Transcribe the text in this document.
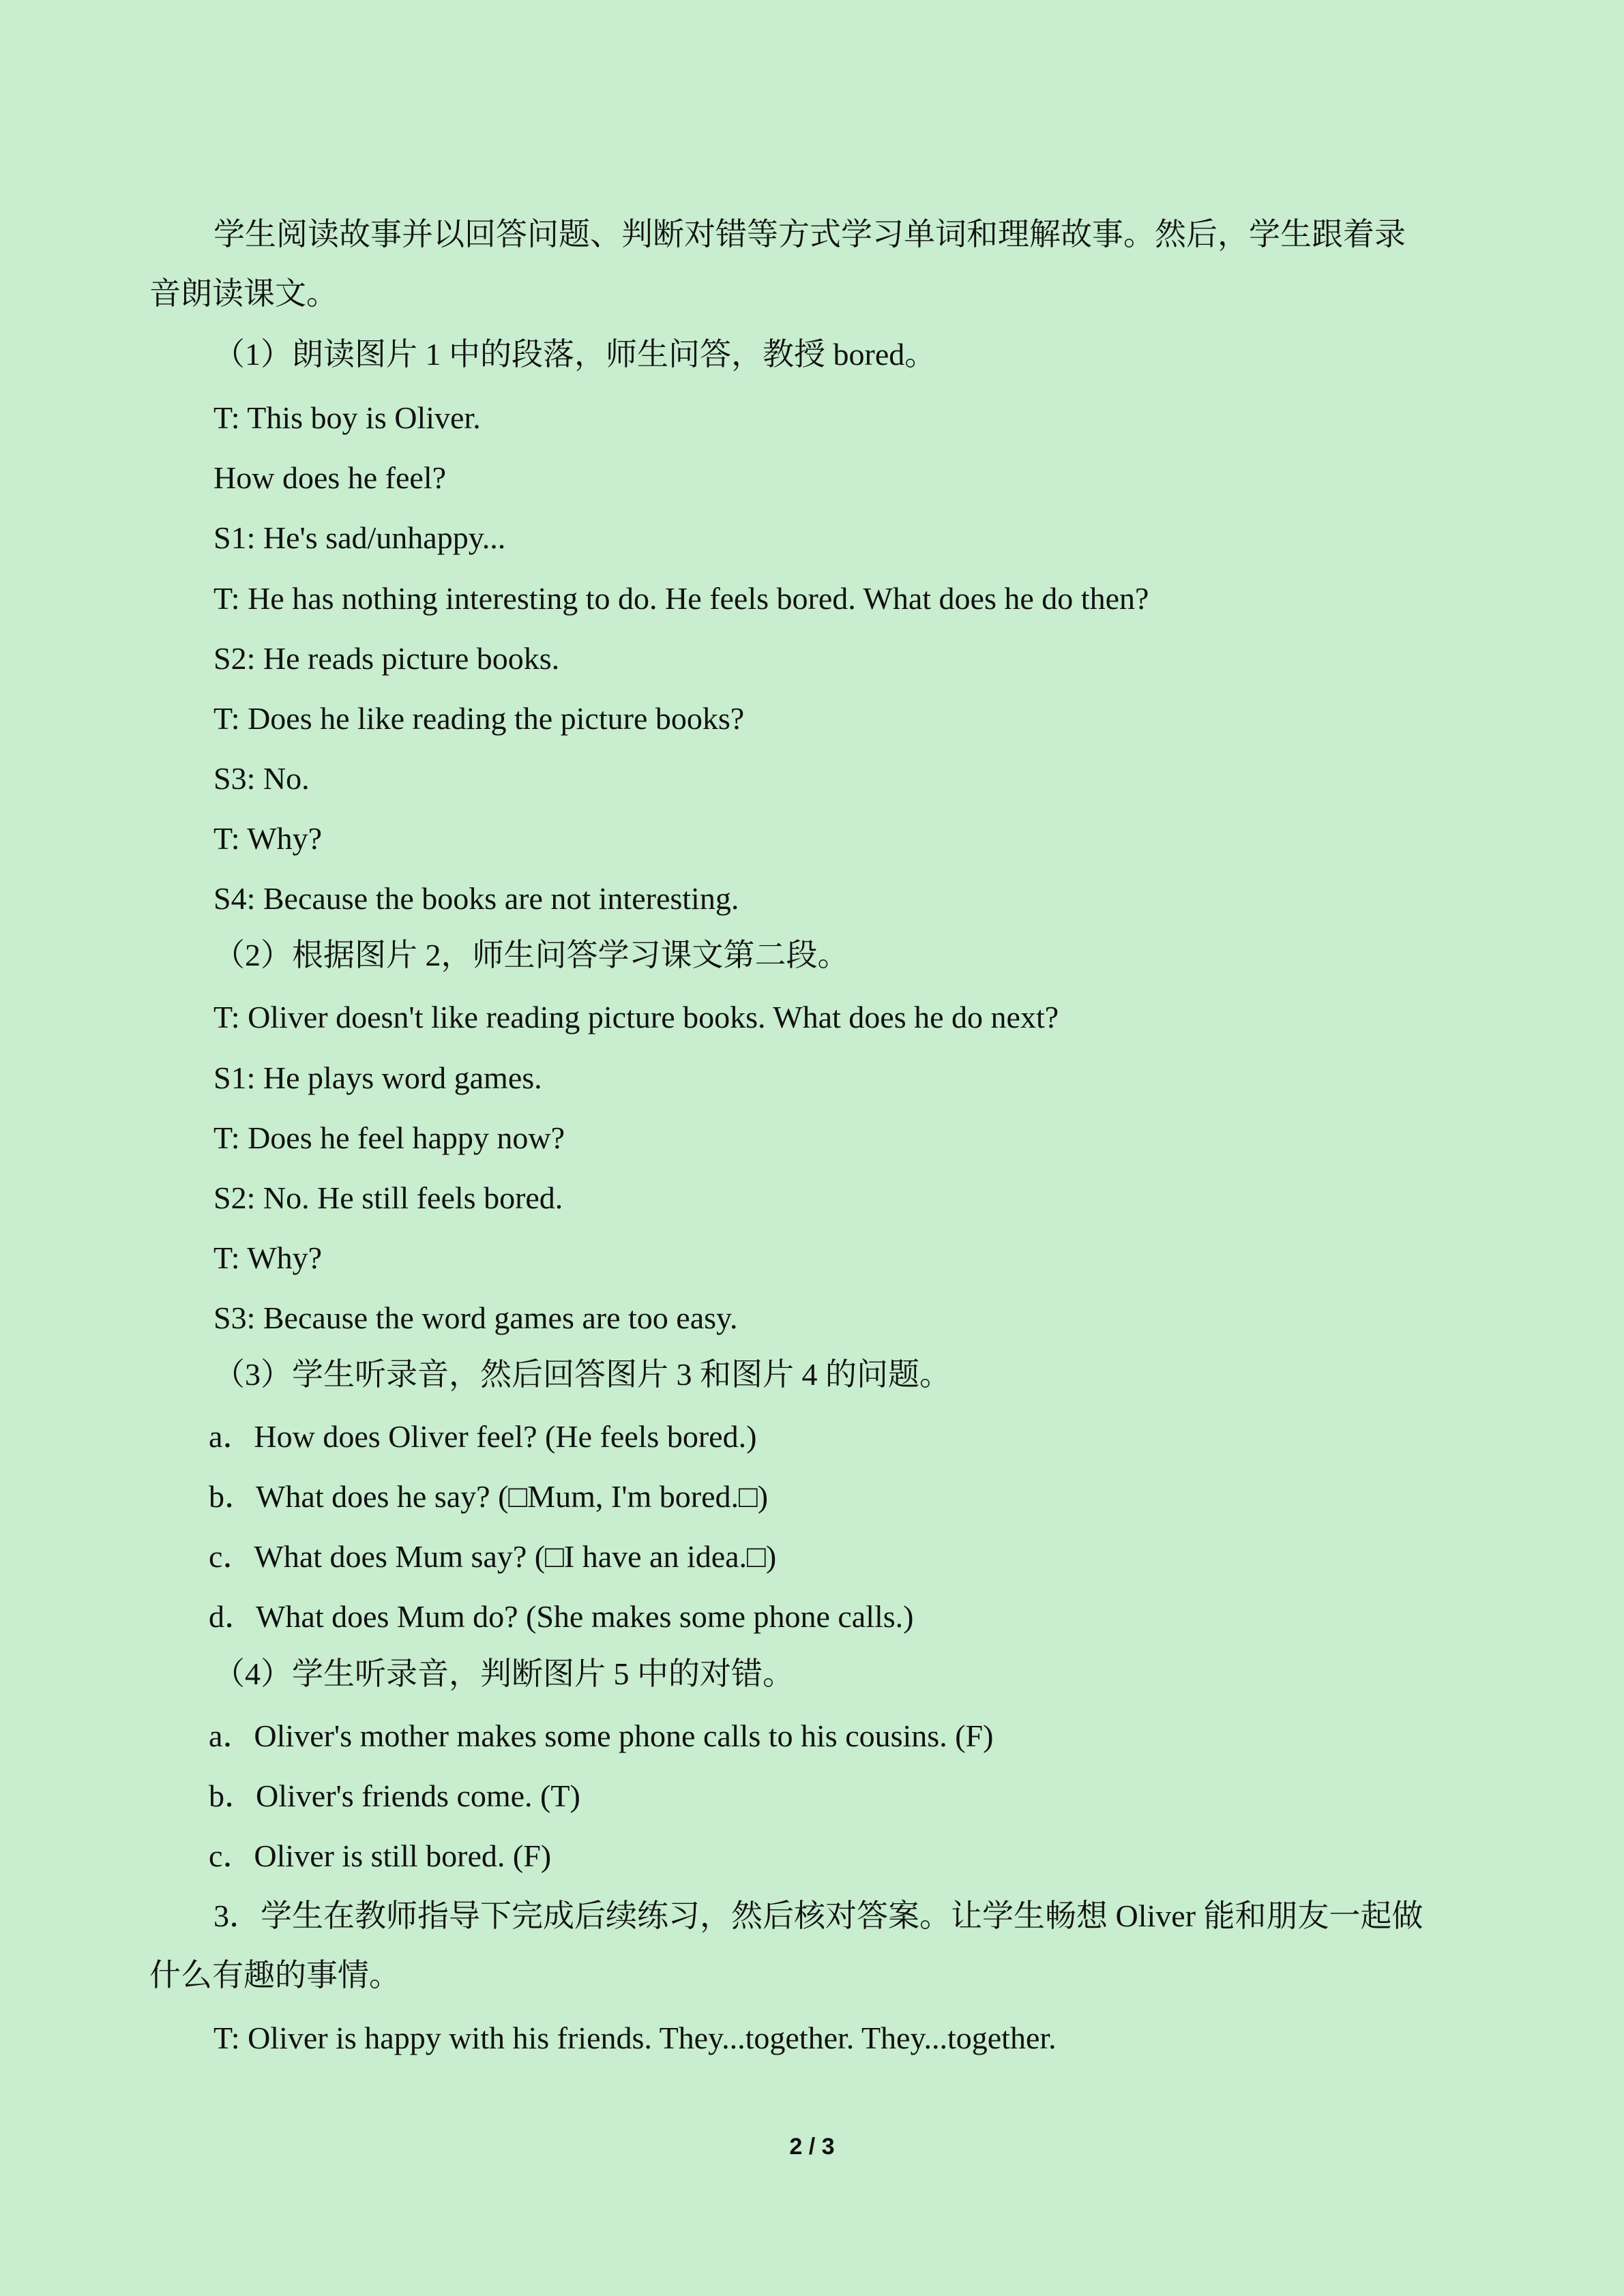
学生阅读故事并以回答问题、判断对错等方式学习单词和理解故事。然后，学生跟着录
音朗读课文。
（1）朗读图片 1 中的段落，师生问答，教授 bored。
T: This boy is Oliver.
How does he feel?
S1: He's sad/unhappy...
T: He has nothing interesting to do. He feels bored. What does he do then?
S2: He reads picture books.
T: Does he like reading the picture books?
S3: No.
T: Why?
S4: Because the books are not interesting.
（2）根据图片 2，师生问答学习课文第二段。
T: Oliver doesn't like reading picture books. What does he do next?
S1: He plays word games.
T: Does he feel happy now?
S2: No. He still feels bored.
T: Why?
S3: Because the word games are too easy.
（3）学生听录音，然后回答图片 3 和图片 4 的问题。
a．How does Oliver feel? (He feels bored.)
b．What does he say? (□Mum, I'm bored.□)
c．What does Mum say? (□I have an idea.□)
d．What does Mum do? (She makes some phone calls.)
（4）学生听录音，判断图片 5 中的对错。
a．Oliver's mother makes some phone calls to his cousins. (F)
b．Oliver's friends come. (T)
c．Oliver is still bored. (F)
3．学生在教师指导下完成后续练习，然后核对答案。让学生畅想 Oliver 能和朋友一起做
什么有趣的事情。
T: Oliver is happy with his friends. They...together. They...together.
2 / 3
